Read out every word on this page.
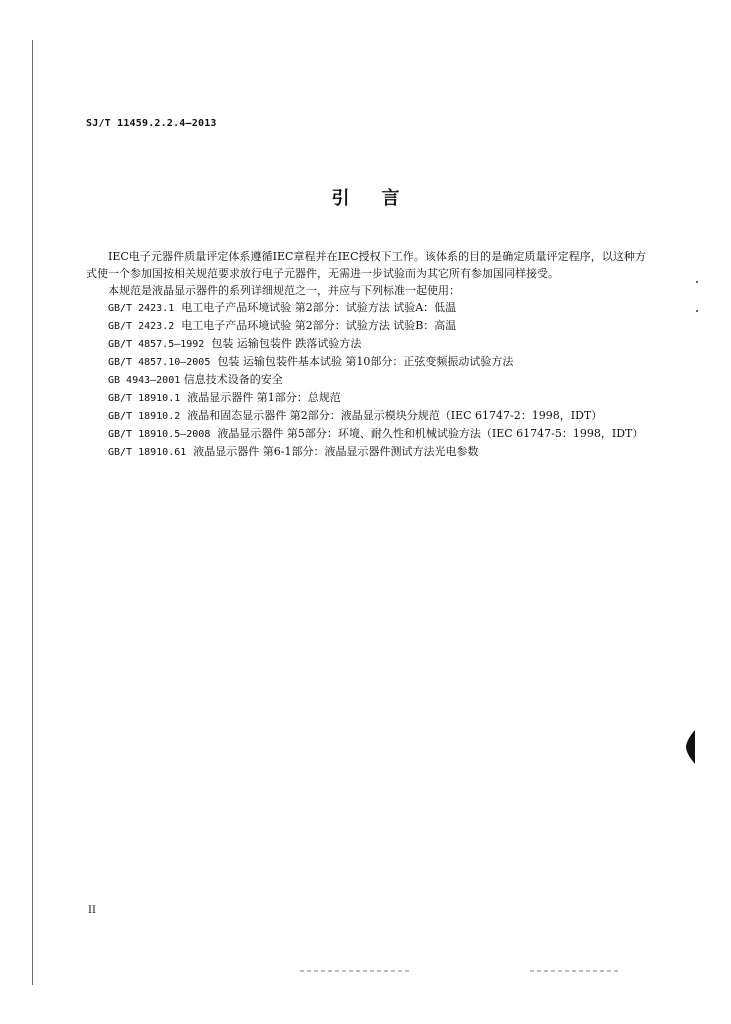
SJ/T 11459.2.2.4—2013
引 言

IEC电子元器件质量评定体系遵循IEC章程并在IEC授权下工作。该体系的目的是确定质量评定程序，以这种方式使一个参加国按相关规范要求放行电子元器件，无需进一步试验而为其它所有参加国同样接受。

本规范是液晶显示器件的系列详细规范之一，并应与下列标准一起使用：
GB/T 2423.1 电工电子产品环境试验 第2部分：试验方法 试验A：低温
GB/T 2423.2 电工电子产品环境试验 第2部分：试验方法 试验B：高温
GB/T 4857.5—1992 包装 运输包装件 跌落试验方法
GB/T 4857.10—2005 包装 运输包装件基本试验 第10部分：正弦变频振动试验方法
GB 4943—2001 信息技术设备的安全
GB/T 18910.1 液晶显示器件 第1部分：总规范
GB/T 18910.2 液晶和固态显示器件 第2部分：液晶显示模块分规范（IEC 61747-2：1998，IDT）
GB/T 18910.5—2008 液晶显示器件 第5部分：环境、耐久性和机械试验方法（IEC 61747-5：1998，IDT）
GB/T 18910.61 液晶显示器件 第6-1部分：液晶显示器件测试方法光电参数
II
